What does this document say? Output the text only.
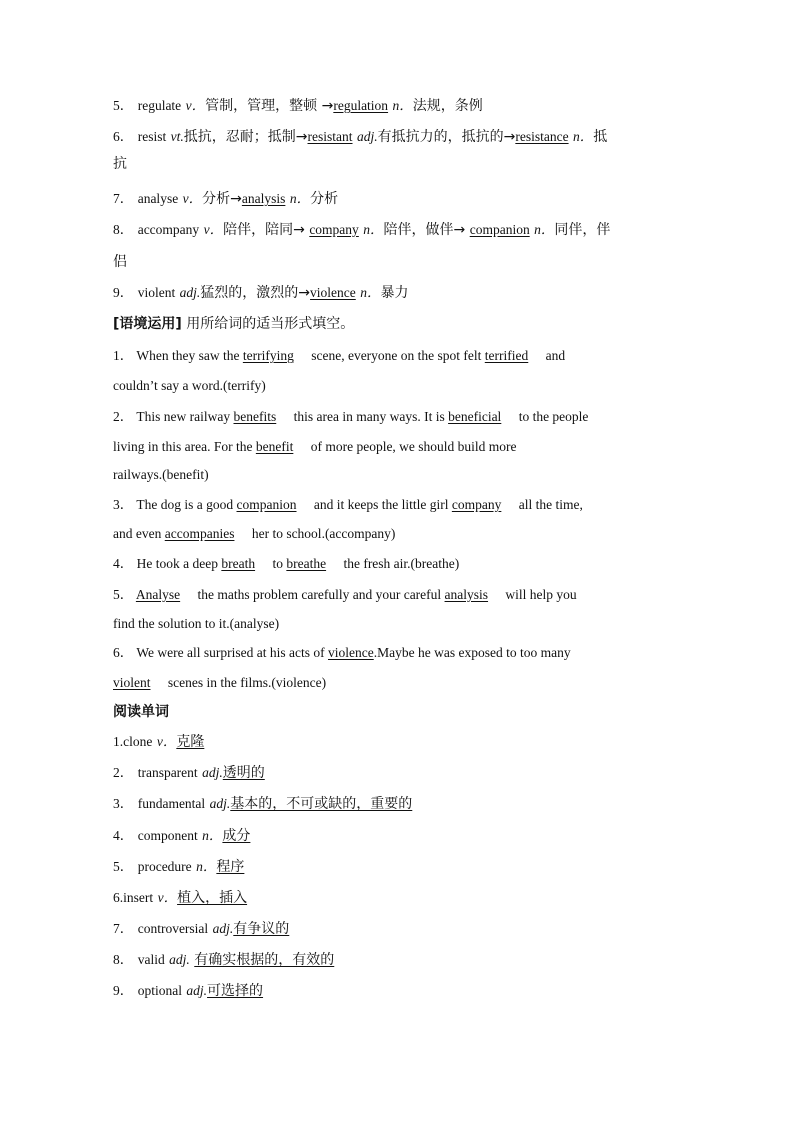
5． regulate v．管制，管理，整顿 →regulation n．法规，条例
6． resist vt.抵抗，忍耐；抵制→resistant adj.有抵抗力的，抵抗的→resistance n．抵
抗
7． analyse v．分析→analysis n．分析
8． accompany v．陪伴，陪同→ company n．陪伴，做伴→ companion n．同伴，伴
侣
9． violent adj.猛烈的，激烈的→violence n．暴力
[语境运用] 用所给词的适当形式填空。
1． When they saw the terrifying scene, everyone on the spot felt terrified and
couldn’t say a word.(terrify)
2． This new railway benefits this area in many ways. It is beneficial to the people
living in this area. For the benefit of more people, we should build more
railways.(benefit)
3． The dog is a good companion and it keeps the little girl company all the time,
and even accompanies her to school.(accompany)
4． He took a deep breath to breathe the fresh air.(breathe)
5． Analyse the maths problem carefully and your careful analysis will help you
find the solution to it.(analyse)
6． We were all surprised at his acts of violence.Maybe he was exposed to too many
violent scenes in the films.(violence)
阅读单词
1.clone v．克隆
2． transparent adj.透明的
3． fundamental adj.基本的，不可或缺的，重要的
4． component n．成分
5． procedure n．程序
6.insert v．植入，插入
7． controversial adj.有争议的
8． valid adj. 有确实根据的，有效的
9． optional adj.可选择的
